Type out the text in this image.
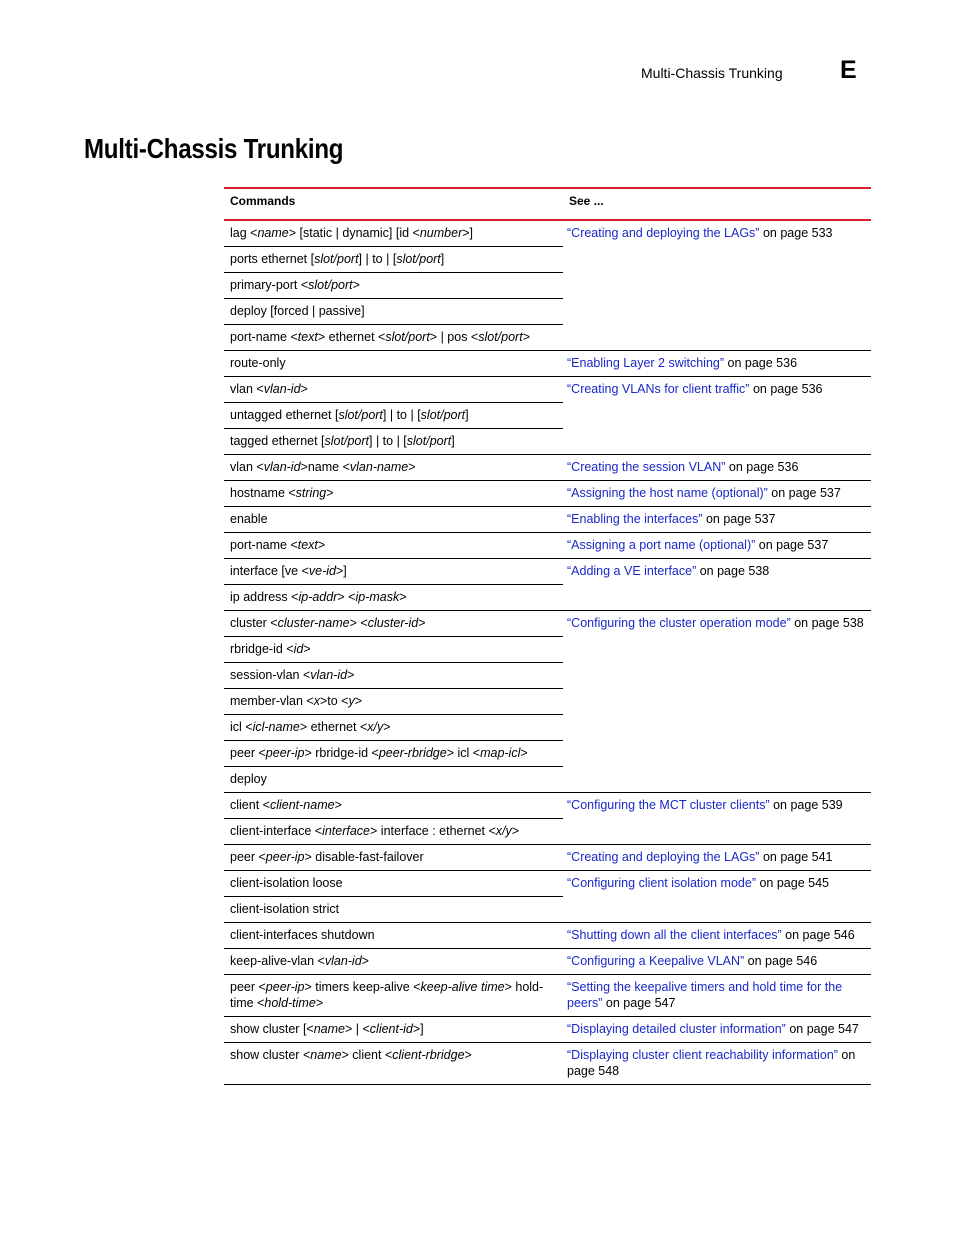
Multi-Chassis Trunking E
Multi-Chassis Trunking
Commands	See ...
lag <name> [static | dynamic] [id <number>]	“Creating and deploying the LAGs” on page 533
ports ethernet [slot/port] | to | [slot/port]	
primary-port <slot/port>	
deploy [forced | passive]	
port-name <text> ethernet <slot/port> | pos <slot/port>	
route-only	“Enabling Layer 2 switching” on page 536
vlan <vlan-id>	“Creating VLANs for client traffic” on page 536
untagged ethernet [slot/port] | to | [slot/port]	
tagged ethernet [slot/port] | to | [slot/port]	
vlan <vlan-id>name <vlan-name>	“Creating the session VLAN” on page 536
hostname <string>	“Assigning the host name (optional)” on page 537
enable	“Enabling the interfaces” on page 537
port-name <text>	“Assigning a port name (optional)” on page 537
interface [ve <ve-id>]	“Adding a VE interface” on page 538
ip address <ip-addr> <ip-mask>	
cluster <cluster-name> <cluster-id>	“Configuring the cluster operation mode” on page 538
rbridge-id <id>	
session-vlan <vlan-id>	
member-vlan <x>to <y>	
icl <icl-name> ethernet <x/y>	
peer <peer-ip> rbridge-id <peer-rbridge> icl <map-icl>	
deploy	
client <client-name>	“Configuring the MCT cluster clients” on page 539
client-interface <interface> interface : ethernet <x/y>	
peer <peer-ip> disable-fast-failover	“Creating and deploying the LAGs” on page 541
client-isolation loose	“Configuring client isolation mode” on page 545
client-isolation strict	
client-interfaces shutdown	“Shutting down all the client interfaces” on page 546
keep-alive-vlan <vlan-id>	“Configuring a Keepalive VLAN” on page 546
peer <peer-ip> timers keep-alive <keep-alive time> hold-time <hold-time>	“Setting the keepalive timers and hold time for the peers” on page 547
show cluster [<name> | <client-id>]	“Displaying detailed cluster information” on page 547
show cluster <name> client <client-rbridge>	“Displaying cluster client reachability information” on page 548
